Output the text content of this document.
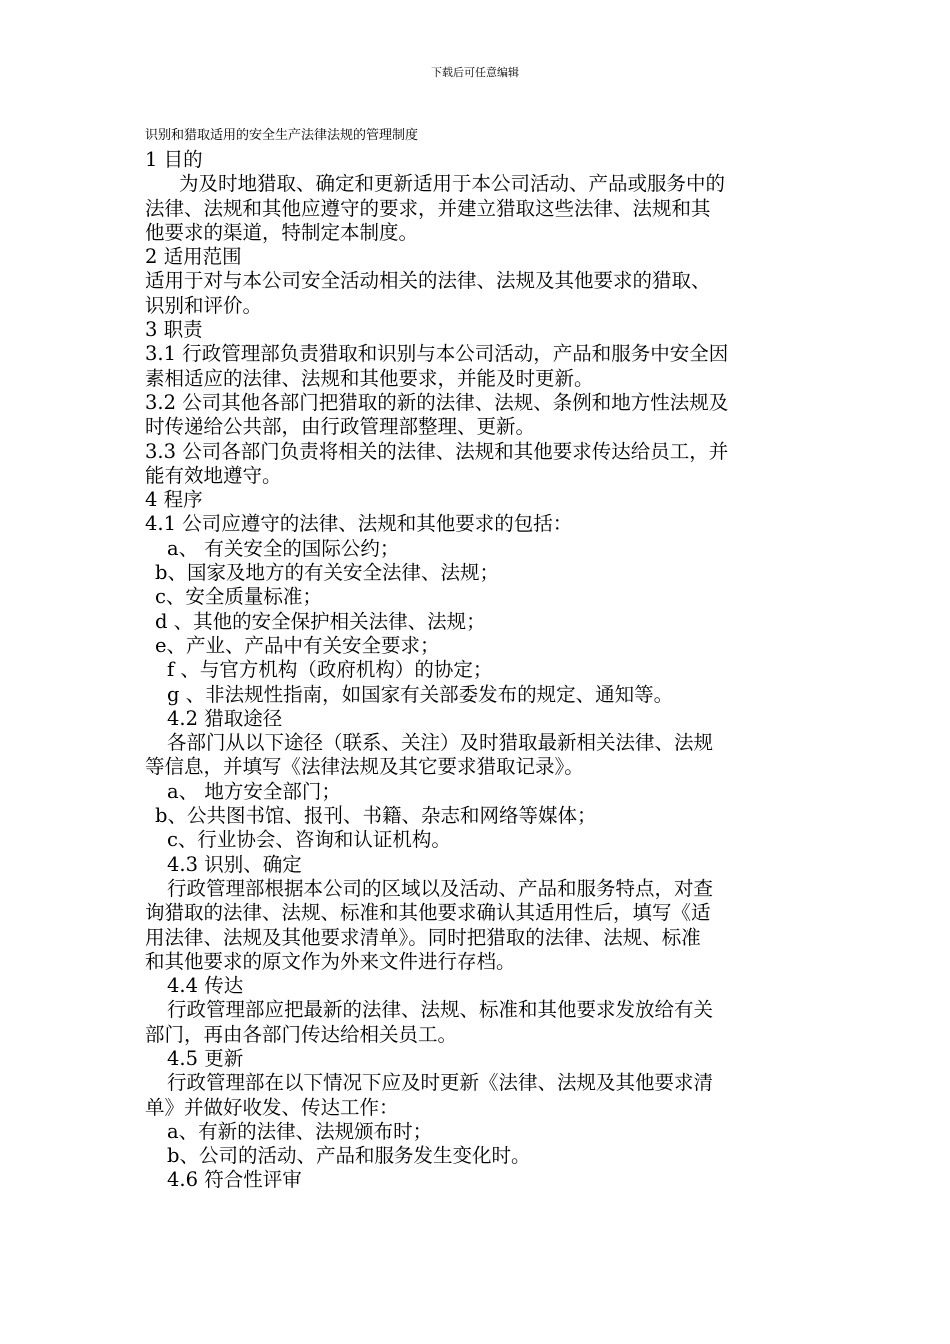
下载后可任意编辑
识别和猎取适用的安全生产法律法规的管理制度
1 目的
为及时地猎取、确定和更新适用于本公司活动、产品或服务中的
法律、法规和其他应遵守的要求，并建立猎取这些法律、法规和其
他要求的渠道，特制定本制度。
2 适用范围
适用于对与本公司安全活动相关的法律、法规及其他要求的猎取、
识别和评价。
3 职责
3.1 行政管理部负责猎取和识别与本公司活动，产品和服务中安全因
素相适应的法律、法规和其他要求，并能及时更新。
3.2 公司其他各部门把猎取的新的法律、法规、条例和地方性法规及
时传递给公共部，由行政管理部整理、更新。
3.3 公司各部门负责将相关的法律、法规和其他要求传达给员工，并
能有效地遵守。
4 程序
4.1 公司应遵守的法律、法规和其他要求的包括：
a、 有关安全的国际公约；
b、国家及地方的有关安全法律、法规；
c、安全质量标准；
d 、其他的安全保护相关法律、法规；
e、产业、产品中有关安全要求；
f 、与官方机构（政府机构）的协定；
g 、非法规性指南，如国家有关部委发布的规定、通知等。
4.2 猎取途径
各部门从以下途径（联系、关注）及时猎取最新相关法律、法规
等信息，并填写《法律法规及其它要求猎取记录》。
a、 地方安全部门；
b、公共图书馆、报刊、书籍、杂志和网络等媒体；
c、行业协会、咨询和认证机构。
4.3 识别、确定
行政管理部根据本公司的区域以及活动、产品和服务特点，对查
询猎取的法律、法规、标准和其他要求确认其适用性后，填写《适
用法律、法规及其他要求清单》。同时把猎取的法律、法规、标准
和其他要求的原文作为外来文件进行存档。
4.4 传达
行政管理部应把最新的法律、法规、标准和其他要求发放给有关
部门，再由各部门传达给相关员工。
4.5 更新
行政管理部在以下情况下应及时更新《法律、法规及其他要求清
单》并做好收发、传达工作：
a、有新的法律、法规颁布时；
b、公司的活动、产品和服务发生变化时。
4.6 符合性评审
